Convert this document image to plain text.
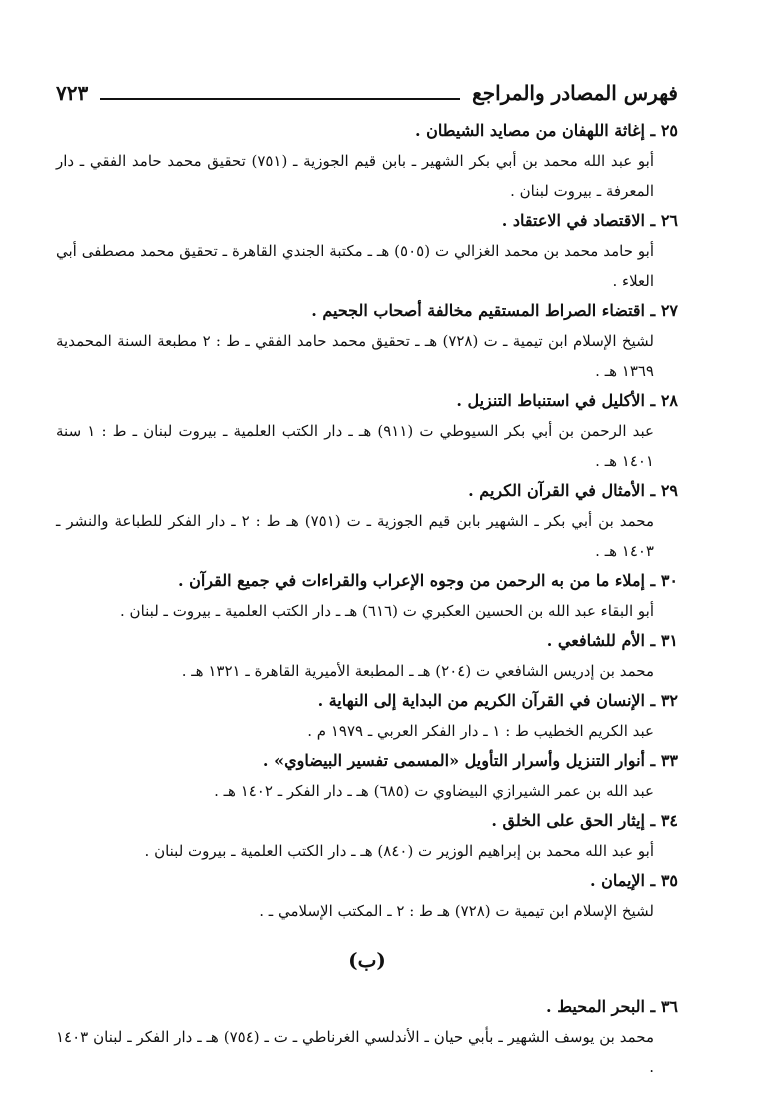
فهرس المصادر والمراجع
٧٢٣
٢٥ ـ إغاثة اللهفان من مصايد الشيطان .
أبو عبد الله محمد بن أبي بكر الشهير ـ بابن قيم الجوزية ـ (٧٥١) تحقيق محمد حامد الفقي ـ دار المعرفة ـ بيروت لبنان .
٢٦ ـ الاقتصاد في الاعتقاد .
أبو حامد محمد بن محمد الغزالي ت (٥٠٥) هـ ـ مكتبة الجندي القاهرة ـ تحقيق محمد مصطفى أبي العلاء .
٢٧ ـ اقتضاء الصراط المستقيم مخالفة أصحاب الجحيم .
لشيخ الإسلام ابن تيمية ـ ت (٧٢٨) هـ ـ تحقيق محمد حامد الفقي ـ ط : ٢ مطبعة السنة المحمدية ١٣٦٩ هـ .
٢٨ ـ الأكليل في استنباط التنزيل .
عبد الرحمن بن أبي بكر السيوطي ت (٩١١) هـ ـ دار الكتب العلمية ـ بيروت لبنان ـ ط : ١ سنة ١٤٠١ هـ .
٢٩ ـ الأمثال في القرآن الكريم .
محمد بن أبي بكر ـ الشهير بابن قيم الجوزية ـ ت (٧٥١) هـ ط : ٢ ـ دار الفكر للطباعة والنشر ـ ١٤٠٣ هـ .
٣٠ ـ إملاء ما من به الرحمن من وجوه الإعراب والقراءات في جميع القرآن .
أبو البقاء عبد الله بن الحسين العكبري ت (٦١٦) هـ ـ دار الكتب العلمية ـ بيروت ـ لبنان .
٣١ ـ الأم للشافعي .
محمد بن إدريس الشافعي ت (٢٠٤) هـ ـ المطبعة الأميرية القاهرة ـ ١٣٢١ هـ .
٣٢ ـ الإنسان في القرآن الكريم من البداية إلى النهاية .
عبد الكريم الخطيب ط : ١ ـ دار الفكر العربي ـ ١٩٧٩ م .
٣٣ ـ أنوار التنزيل وأسرار التأويل «المسمى تفسير البيضاوي» .
عبد الله بن عمر الشيرازي البيضاوي ت (٦٨٥) هـ ـ دار الفكر ـ ١٤٠٢ هـ .
٣٤ ـ إيثار الحق على الخلق .
أبو عبد الله محمد بن إبراهيم الوزير ت (٨٤٠) هـ ـ دار الكتب العلمية ـ بيروت لبنان .
٣٥ ـ الإيمان .
لشيخ الإسلام ابن تيمية ت (٧٢٨) هـ ط : ٢ ـ المكتب الإسلامي ـ .
(ب)
٣٦ ـ البحر المحيط .
محمد بن يوسف الشهير ـ بأبي حيان ـ الأندلسي الغرناطي ـ ت ـ (٧٥٤) هـ ـ دار الفكر ـ لبنان ١٤٠٣ .
